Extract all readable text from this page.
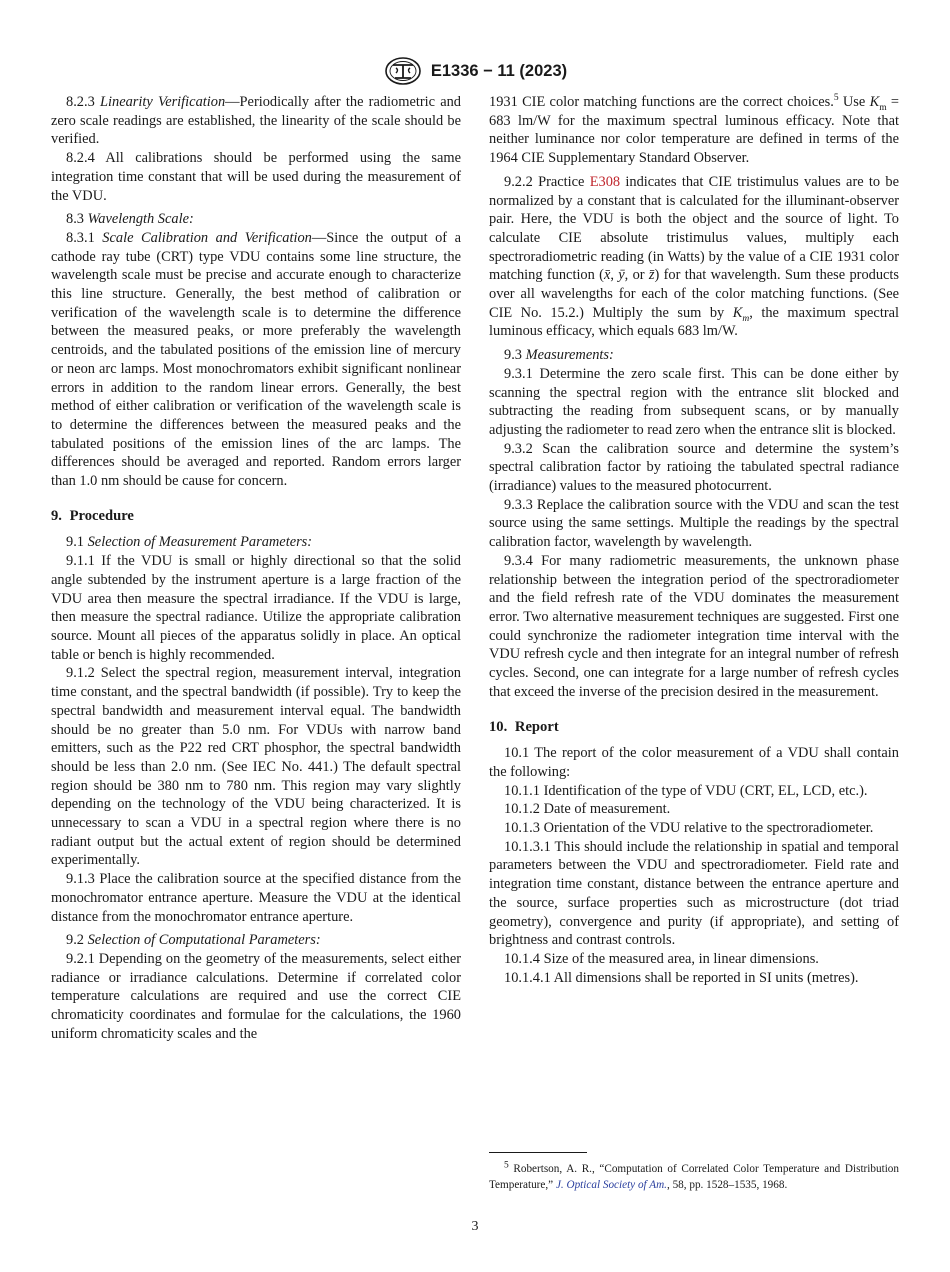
E1336 − 11 (2023)

8.2.3 Linearity Verification—Periodically after the radiometric and zero scale readings are established, the linearity of the scale should be verified.

8.2.4 All calibrations should be performed using the same integration time constant that will be used during the measurement of the VDU.

8.3 Wavelength Scale:

8.3.1 Scale Calibration and Verification—Since the output of a cathode ray tube (CRT) type VDU contains some line structure, the wavelength scale must be precise and accurate enough to characterize this line structure. Generally, the best method of calibration or verification of the wavelength scale is to determine the difference between the measured peaks, or more preferably the wavelength centroids, and the tabulated positions of the emission line of mercury or neon arc lamps. Most monochromators exhibit significant nonlinear errors in addition to the random linear errors. Generally, the best method of either calibration or verification of the wavelength scale is to determine the differences between the measured peaks and the tabulated positions of the emission lines of the arc lamps. The differences should be averaged and reported. Random errors larger than 1.0 nm should be cause for concern.

9. Procedure

9.1 Selection of Measurement Parameters:

9.1.1 If the VDU is small or highly directional so that the solid angle subtended by the instrument aperture is a large fraction of the VDU area then measure the spectral irradiance. If the VDU is large, then measure the spectral radiance. Utilize the appropriate calibration source. Mount all pieces of the apparatus solidly in place. An optical table or bench is highly recommended.

9.1.2 Select the spectral region, measurement interval, integration time constant, and the spectral bandwidth (if possible). Try to keep the spectral bandwidth and measurement interval equal. The bandwidth should be no greater than 5.0 nm. For VDUs with narrow band emitters, such as the P22 red CRT phosphor, the spectral bandwidth should be less than 2.0 nm. (See IEC No. 441.) The default spectral region should be 380 nm to 780 nm. This region may vary slightly depending on the technology of the VDU being characterized. It is unnecessary to scan a VDU in a spectral region where there is no radiant output but the actual extent of region should be determined experimentally.

9.1.3 Place the calibration source at the specified distance from the monochromator entrance aperture. Measure the VDU at the identical distance from the monochromator entrance aperture.

9.2 Selection of Computational Parameters:

9.2.1 Depending on the geometry of the measurements, select either radiance or irradiance calculations. Determine if correlated color temperature calculations are required and use the correct CIE chromaticity coordinates and formulae for the calculations, the 1960 uniform chromaticity scales and the

1931 CIE color matching functions are the correct choices.$^5$ Use $K_m = 683$ lm/W for the maximum spectral luminous efficacy. Note that neither luminance nor color temperature are defined in terms of the 1964 CIE Supplementary Standard Observer.

9.2.2 Practice E308 indicates that CIE tristimulus values are to be normalized by a constant that is calculated for the illuminant-observer pair. Here, the VDU is both the object and the source of light. To calculate CIE absolute tristimulus values, multiply each spectroradiometric reading (in Watts) by the value of a CIE 1931 color matching function (x̄, ȳ, or z̄) for that wavelength. Sum these products over all wavelengths for each of the color matching functions. (See CIE No. 15.2.) Multiply the sum by $K_m$, the maximum spectral luminous efficacy, which equals 683 lm/W.

9.3 Measurements:

9.3.1 Determine the zero scale first. This can be done either by scanning the spectral region with the entrance slit blocked and subtracting the reading from subsequent scans, or by manually adjusting the radiometer to read zero when the entrance slit is blocked.

9.3.2 Scan the calibration source and determine the system’s spectral calibration factor by ratioing the tabulated spectral radiance (irradiance) values to the measured photocurrent.

9.3.3 Replace the calibration source with the VDU and scan the test source using the same settings. Multiple the readings by the spectral calibration factor, wavelength by wavelength.

9.3.4 For many radiometric measurements, the unknown phase relationship between the integration period of the spectroradiometer and the field refresh rate of the VDU dominates the measurement error. Two alternative measurement techniques are suggested. First one could synchronize the radiometer integration time interval with the VDU refresh cycle and then integrate for an integral number of refresh cycles. Second, one can integrate for a large number of refresh cycles that exceed the inverse of the precision desired in the measurement.

10. Report

10.1 The report of the color measurement of a VDU shall contain the following:

10.1.1 Identification of the type of VDU (CRT, EL, LCD, etc.).

10.1.2 Date of measurement.

10.1.3 Orientation of the VDU relative to the spectroradiometer.

10.1.3.1 This should include the relationship in spatial and temporal parameters between the VDU and spectroradiometer. Field rate and integration time constant, distance between the entrance aperture and the source, surface properties such as microstructure (dot triad geometry), convergence and purity (if appropriate), and setting of brightness and contrast controls.

10.1.4 Size of the measured area, in linear dimensions.

10.1.4.1 All dimensions shall be reported in SI units (metres).

$^5$ Robertson, A. R., “Computation of Correlated Color Temperature and Distribution Temperature,” J. Optical Society of Am., 58, pp. 1528–1535, 1968.

3
